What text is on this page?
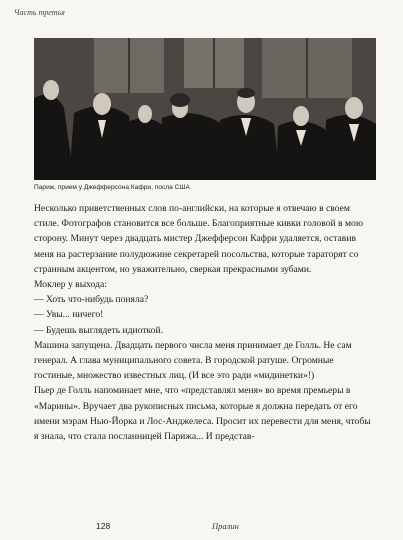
Часть третья
Париж, прием у Джефферсона Кафри, посла США

Несколько приветственных слов по-английски, на которые я отвечаю в своем стиле. Фотографов становится все больше. Благоприятные кивки головой в мою сторону. Минут через двадцать мистер Джефферсон Кафри удаляется, оставив меня на растерзание полудюжине секретарей посольства, которые тараторят со странным акцентом, но уважительно, сверкая прекрасными зубами.

Моклер у выхода:

— Хоть что-нибудь поняла?

— Увы... ничего!

— Будешь выглядеть идиоткой.

Машина запущена. Двадцать первого числа меня принимает де Голль. Не сам генерал. А глава муниципального совета. В городской ратуше. Огромные гостиные, множество известных лиц. (И все это ради «мидинетки»!)

Пьер де Голль напоминает мне, что «представлял меня» во время премьеры в «Марины». Вручает два рукописных письма, которые я должна передать от его имени мэрам Нью-Йорка и Лос-Анджелеса. Просит их перевести для меня, чтобы я знала, что стала посланницей Парижа... И представ-

128	Пралин
